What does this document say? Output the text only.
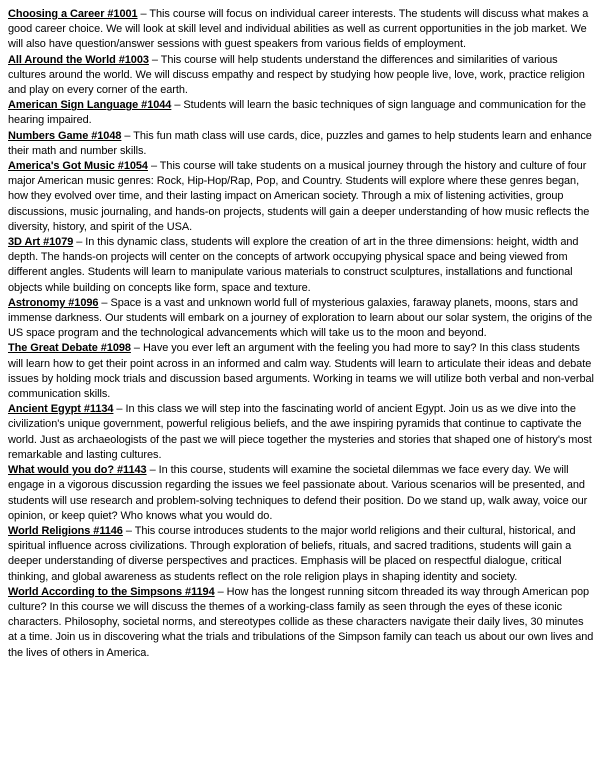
Choosing a Career #1001 – This course will focus on individual career interests. The students will discuss what makes a good career choice. We will look at skill level and individual abilities as well as current opportunities in the job market. We will also have question/answer sessions with guest speakers from various fields of employment.

All Around the World #1003 – This course will help students understand the differences and similarities of various cultures around the world. We will discuss empathy and respect by studying how people live, love, work, practice religion and play on every corner of the earth.

American Sign Language #1044 – Students will learn the basic techniques of sign language and communication for the hearing impaired.

Numbers Game #1048 – This fun math class will use cards, dice, puzzles and games to help students learn and enhance their math and number skills.

America's Got Music #1054 – This course will take students on a musical journey through the history and culture of four major American music genres: Rock, Hip-Hop/Rap, Pop, and Country. Students will explore where these genres began, how they evolved over time, and their lasting impact on American society. Through a mix of listening activities, group discussions, music journaling, and hands-on projects, students will gain a deeper understanding of how music reflects the diversity, history, and spirit of the USA.

3D Art #1079 – In this dynamic class, students will explore the creation of art in the three dimensions: height, width and depth. The hands-on projects will center on the concepts of artwork occupying physical space and being viewed from different angles. Students will learn to manipulate various materials to construct sculptures, installations and functional objects while building on concepts like form, space and texture.

Astronomy #1096 – Space is a vast and unknown world full of mysterious galaxies, faraway planets, moons, stars and immense darkness. Our students will embark on a journey of exploration to learn about our solar system, the origins of the US space program and the technological advancements which will take us to the moon and beyond.

The Great Debate #1098 – Have you ever left an argument with the feeling you had more to say? In this class students will learn how to get their point across in an informed and calm way. Students will learn to articulate their ideas and debate issues by holding mock trials and discussion based arguments. Working in teams we will utilize both verbal and non-verbal communication skills.

Ancient Egypt #1134 – In this class we will step into the fascinating world of ancient Egypt. Join us as we dive into the civilization's unique government, powerful religious beliefs, and the awe inspiring pyramids that continue to captivate the world. Just as archaeologists of the past we will piece together the mysteries and stories that shaped one of history's most remarkable and lasting cultures.

What would you do? #1143 – In this course, students will examine the societal dilemmas we face every day. We will engage in a vigorous discussion regarding the issues we feel passionate about. Various scenarios will be presented, and students will use research and problem-solving techniques to defend their position. Do we stand up, walk away, voice our opinion, or keep quiet? Who knows what you would do.

World Religions #1146 – This course introduces students to the major world religions and their cultural, historical, and spiritual influence across civilizations. Through exploration of beliefs, rituals, and sacred traditions, students will gain a deeper understanding of diverse perspectives and practices. Emphasis will be placed on respectful dialogue, critical thinking, and global awareness as students reflect on the role religion plays in shaping identity and society.

World According to the Simpsons #1194 – How has the longest running sitcom threaded its way through American pop culture? In this course we will discuss the themes of a working-class family as seen through the eyes of these iconic characters. Philosophy, societal norms, and stereotypes collide as these characters navigate their daily lives, 30 minutes at a time. Join us in discovering what the trials and tribulations of the Simpson family can teach us about our own lives and the lives of others in America.
